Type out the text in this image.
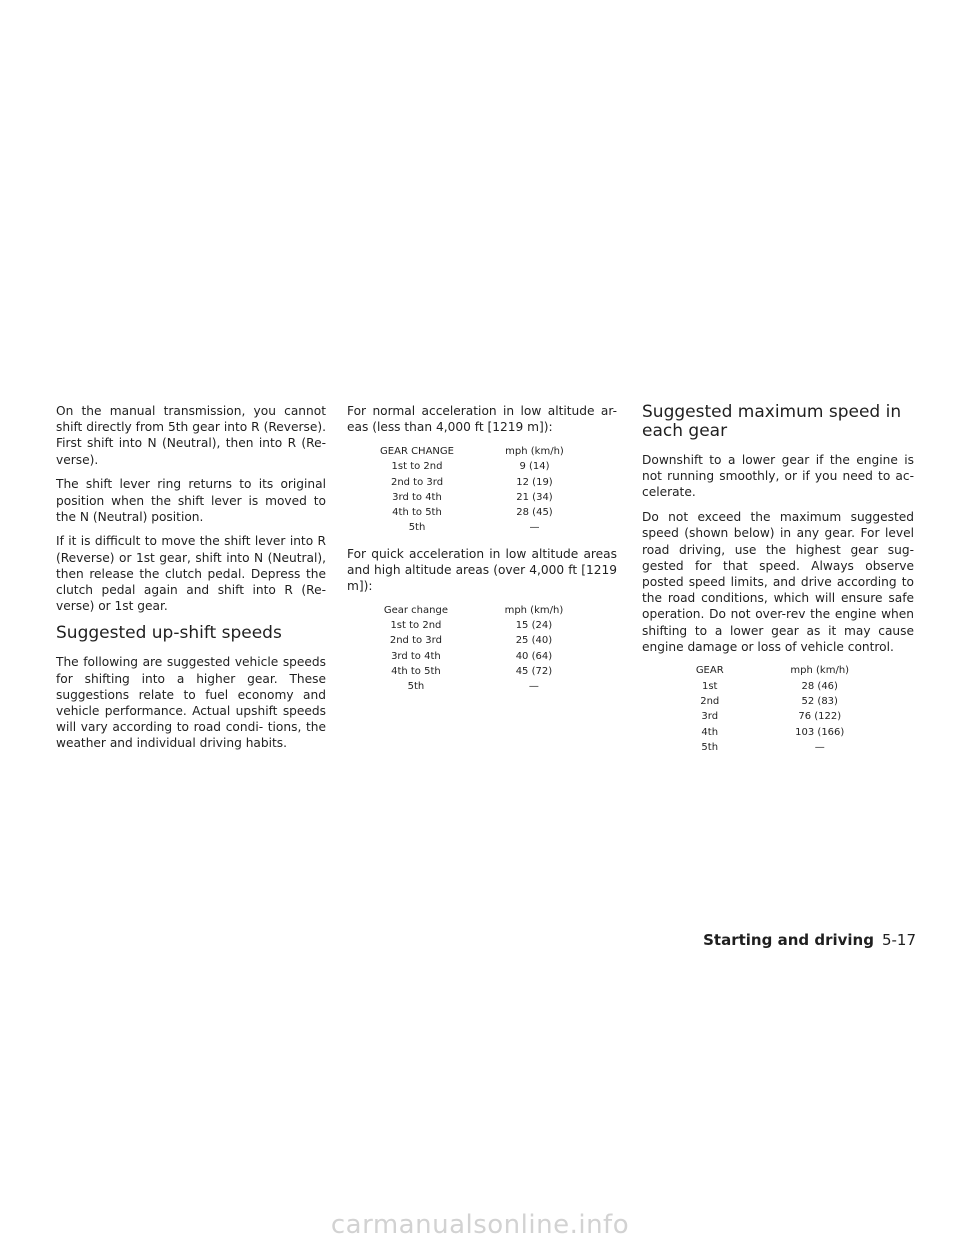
On the manual transmission, you cannot shift directly from 5th gear into R (Reverse). First shift into N (Neutral), then into R (Re- verse).

The shift lever ring returns to its original position when the shift lever is moved to the N (Neutral) position.

If it is difficult to move the shift lever into R (Reverse) or 1st gear, shift into N (Neutral), then release the clutch pedal. Depress the clutch pedal again and shift into R (Re- verse) or 1st gear.

Suggested up-shift speeds

The following are suggested vehicle speeds for shifting into a higher gear. These suggestions relate to fuel economy and vehicle performance. Actual upshift speeds will vary according to road condi- tions, the weather and individual driving habits.

For normal acceleration in low altitude ar- eas (less than 4,000 ft [1219 m]):

GEAR CHANGE	mph (km/h)
1st to 2nd	9 (14)
2nd to 3rd	12 (19)
3rd to 4th	21 (34)
4th to 5th	28 (45)
5th	—

For quick acceleration in low altitude areas and high altitude areas (over 4,000 ft [1219 m]):

Gear change	mph (km/h)
1st to 2nd	15 (24)
2nd to 3rd	25 (40)
3rd to 4th	40 (64)
4th to 5th	45 (72)
5th	—
Suggested maximum speed in each gear

Downshift to a lower gear if the engine is not running smoothly, or if you need to ac- celerate.

Do not exceed the maximum suggested speed (shown below) in any gear. For level road driving, use the highest gear sug- gested for that speed. Always observe posted speed limits, and drive according to the road conditions, which will ensure safe operation. Do not over-rev the engine when shifting to a lower gear as it may cause engine damage or loss of vehicle control.

GEAR	mph (km/h)
1st	28 (46)
2nd	52 (83)
3rd	76 (122)
4th	103 (166)
5th	—
Starting and driving 5-17
carmanualsonline.info
